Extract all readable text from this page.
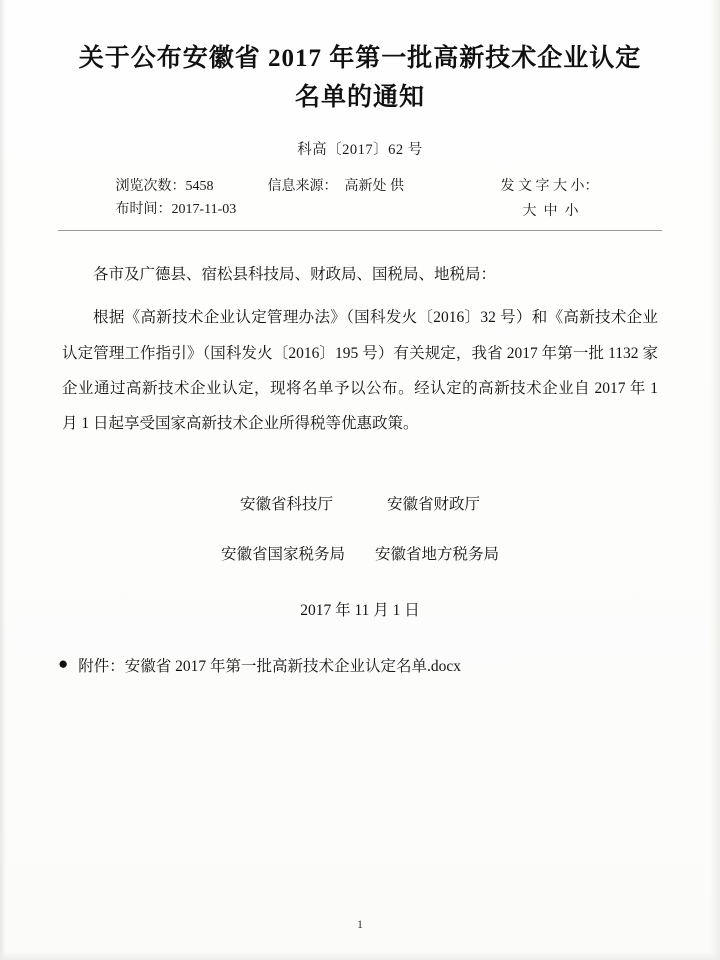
关于公布安徽省 2017 年第一批高新技术企业认定
名单的通知
科高〔2017〕62 号
浏览次数：5458
布时间：2017-11-03
信息来源：　高新处 供	发 文 字 大 小：
大中小
各市及广德县、宿松县科技局、财政局、国税局、地税局：
根据《高新技术企业认定管理办法》（国科发火〔2016〕32 号）和《高新技术企业认定管理工作指引》（国科发火〔2016〕195 号）有关规定，我省 2017 年第一批 1132 家企业通过高新技术企业认定，现将名单予以公布。经认定的高新技术企业自 2017 年 1 月 1 日起享受国家高新技术企业所得税等优惠政策。
安徽省科技厅	安徽省财政厅
安徽省国家税务局 安徽省地方税务局
2017 年 11 月 1 日
● 附件：安徽省 2017 年第一批高新技术企业认定名单.docx
1
